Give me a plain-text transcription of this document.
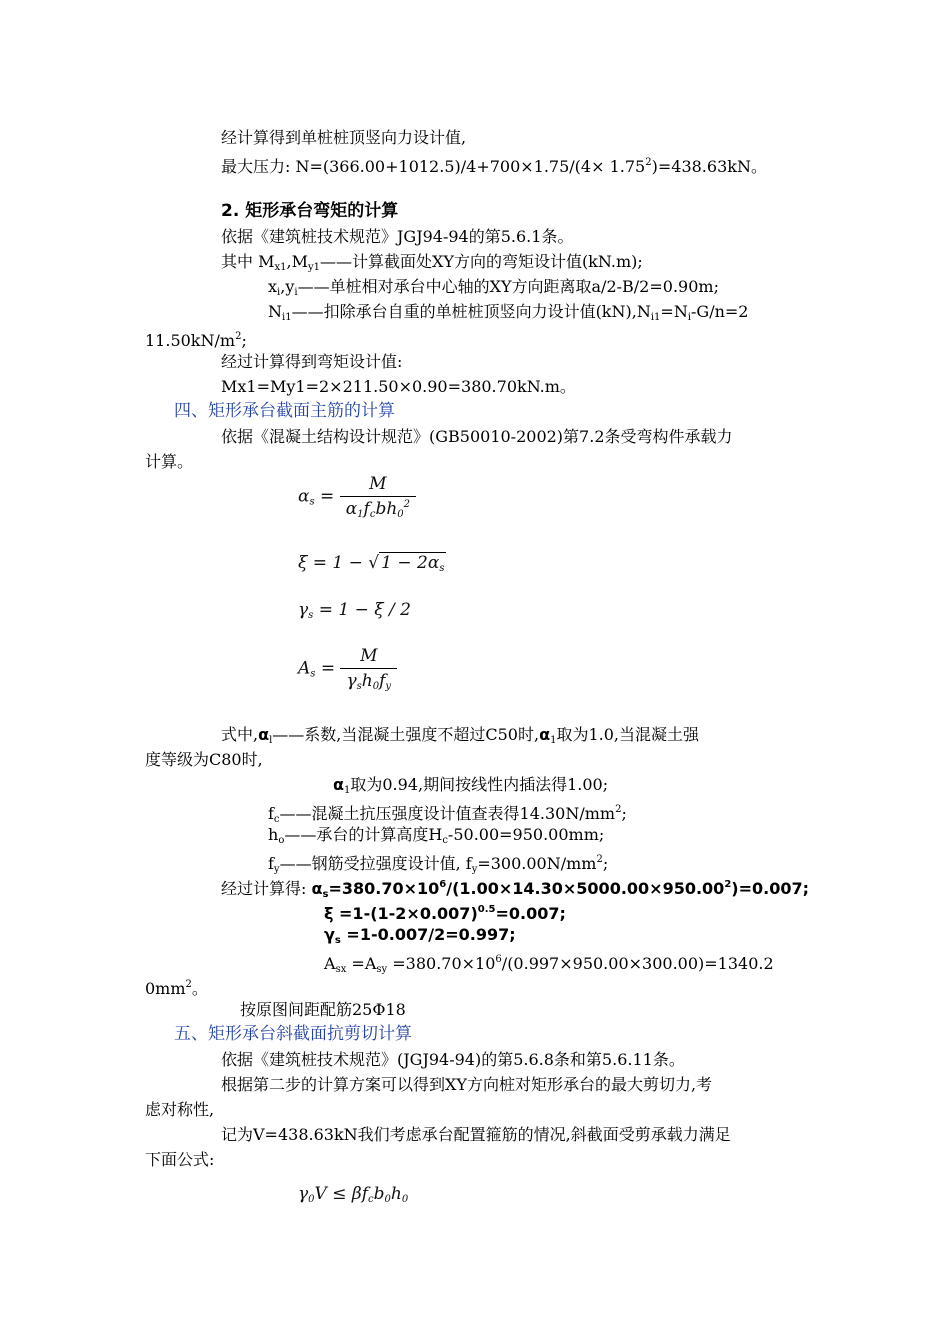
经计算得到单桩桩顶竖向力设计值,
最大压力: $N=(366.00+1012.5)/4+700\times 1.75/(4\times 1.75^2)=438.63kN$。
2. 矩形承台弯矩的计算
依据《建筑桩技术规范》JGJ94-94的第5.6.1条。
其中 $M_{x1},M_{y1}——$计算截面处XY方向的弯矩设计值(kN.m);
$x_i,y_i——$单桩相对承台中心轴的XY方向距离取a/2-B/2=0.90m;
$N_{i1}——$扣除承台自重的单桩桩顶竖向力设计值$(kN),N_{i1}=N_i-G/n=2$
$11.50kN/m^2$;
经过计算得到弯矩设计值:
Mx1=My1=2×211.50×0.90=380.70kN.m。
四、矩形承台截面主筋的计算
依据《混凝土结构设计规范》(GB50010-2002)第7.2条受弯构件承载力
计算。
$\alpha_s = \frac{M}{\alpha_1f_cbh_0^2}$
ξ = 1 − √ $1 - 2\alpha_s$
$\gamma_s = 1 - \xi / 2$
$A_s = \frac{M}{\gamma_sh_0f_y}$
式中$,\alpha_l——$系数,当混凝土强度不超过C50时$,\alpha_1$取为1.0,当混凝土强
度等级为C80时,
$\alpha_1$取为0.94,期间按线性内插法得1.00;
$f_c——$混凝土抗压强度设计值查表得$14.30N/mm^2$;
$h_o——$承台的计算高度$H_c-50.00=950.00mm$;
$f_y——$钢筋受拉强度设计值, $f_y=300.00N/mm^2$;
经过计算得: $\alpha_s=380.70\times 10^6/(1.00\times 14.30\times 5000.00\times 950.00^2)=0.007$;
$\xi =1-(1-2\times 0.007)^{0.5}=0.007$;
$\gamma_s =1-0.007/2=0.997$;
$A_{sx} =A_{sy} =380.70\times 10^6/(0.997\times 950.00\times 300.00)=1340.2$
$0mm^2$。
按原图间距配筋25Φ18
五、矩形承台斜截面抗剪切计算
依据《建筑桩技术规范》(JGJ94-94)的第5.6.8条和第5.6.11条。
根据第二步的计算方案可以得到XY方向桩对矩形承台的最大剪切力,考
虑对称性,
记为V=438.63kN我们考虑承台配置箍筋的情况,斜截面受剪承载力满足
下面公式:
$\gamma_0V \le \beta f_cb_0h_0$
